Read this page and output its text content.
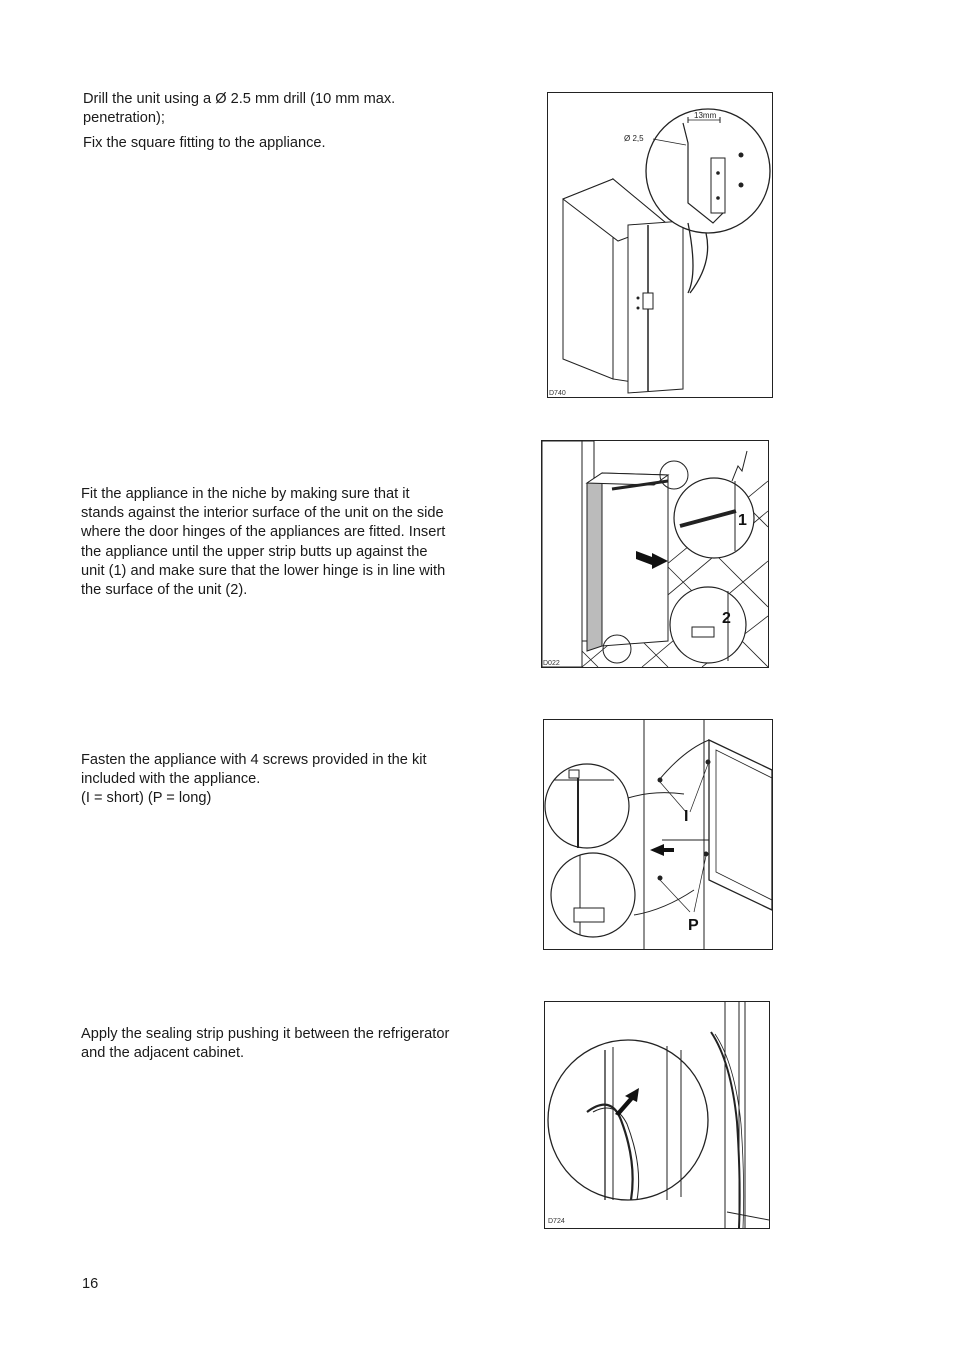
Drill the unit using a Ø 2.5 mm drill (10 mm max. penetration);

Fix the square fitting to the appliance.	Ø 2,5
13mm
D740

Fit the appliance in the niche by making sure that it stands against the interior surface of the unit on the side where the door hinges of the appliances are fitted. Insert the appliance until the upper strip butts up against the unit (1) and make sure that the lower hinge is in line with the surface of the unit (2).

1
2
D022

Fasten the appliance with 4 screws provided in the kit included with the appliance.

(I = short) (P = long)

I
P

Apply the sealing strip pushing it between the refrigerator and the adjacent cabinet.

D724
16
